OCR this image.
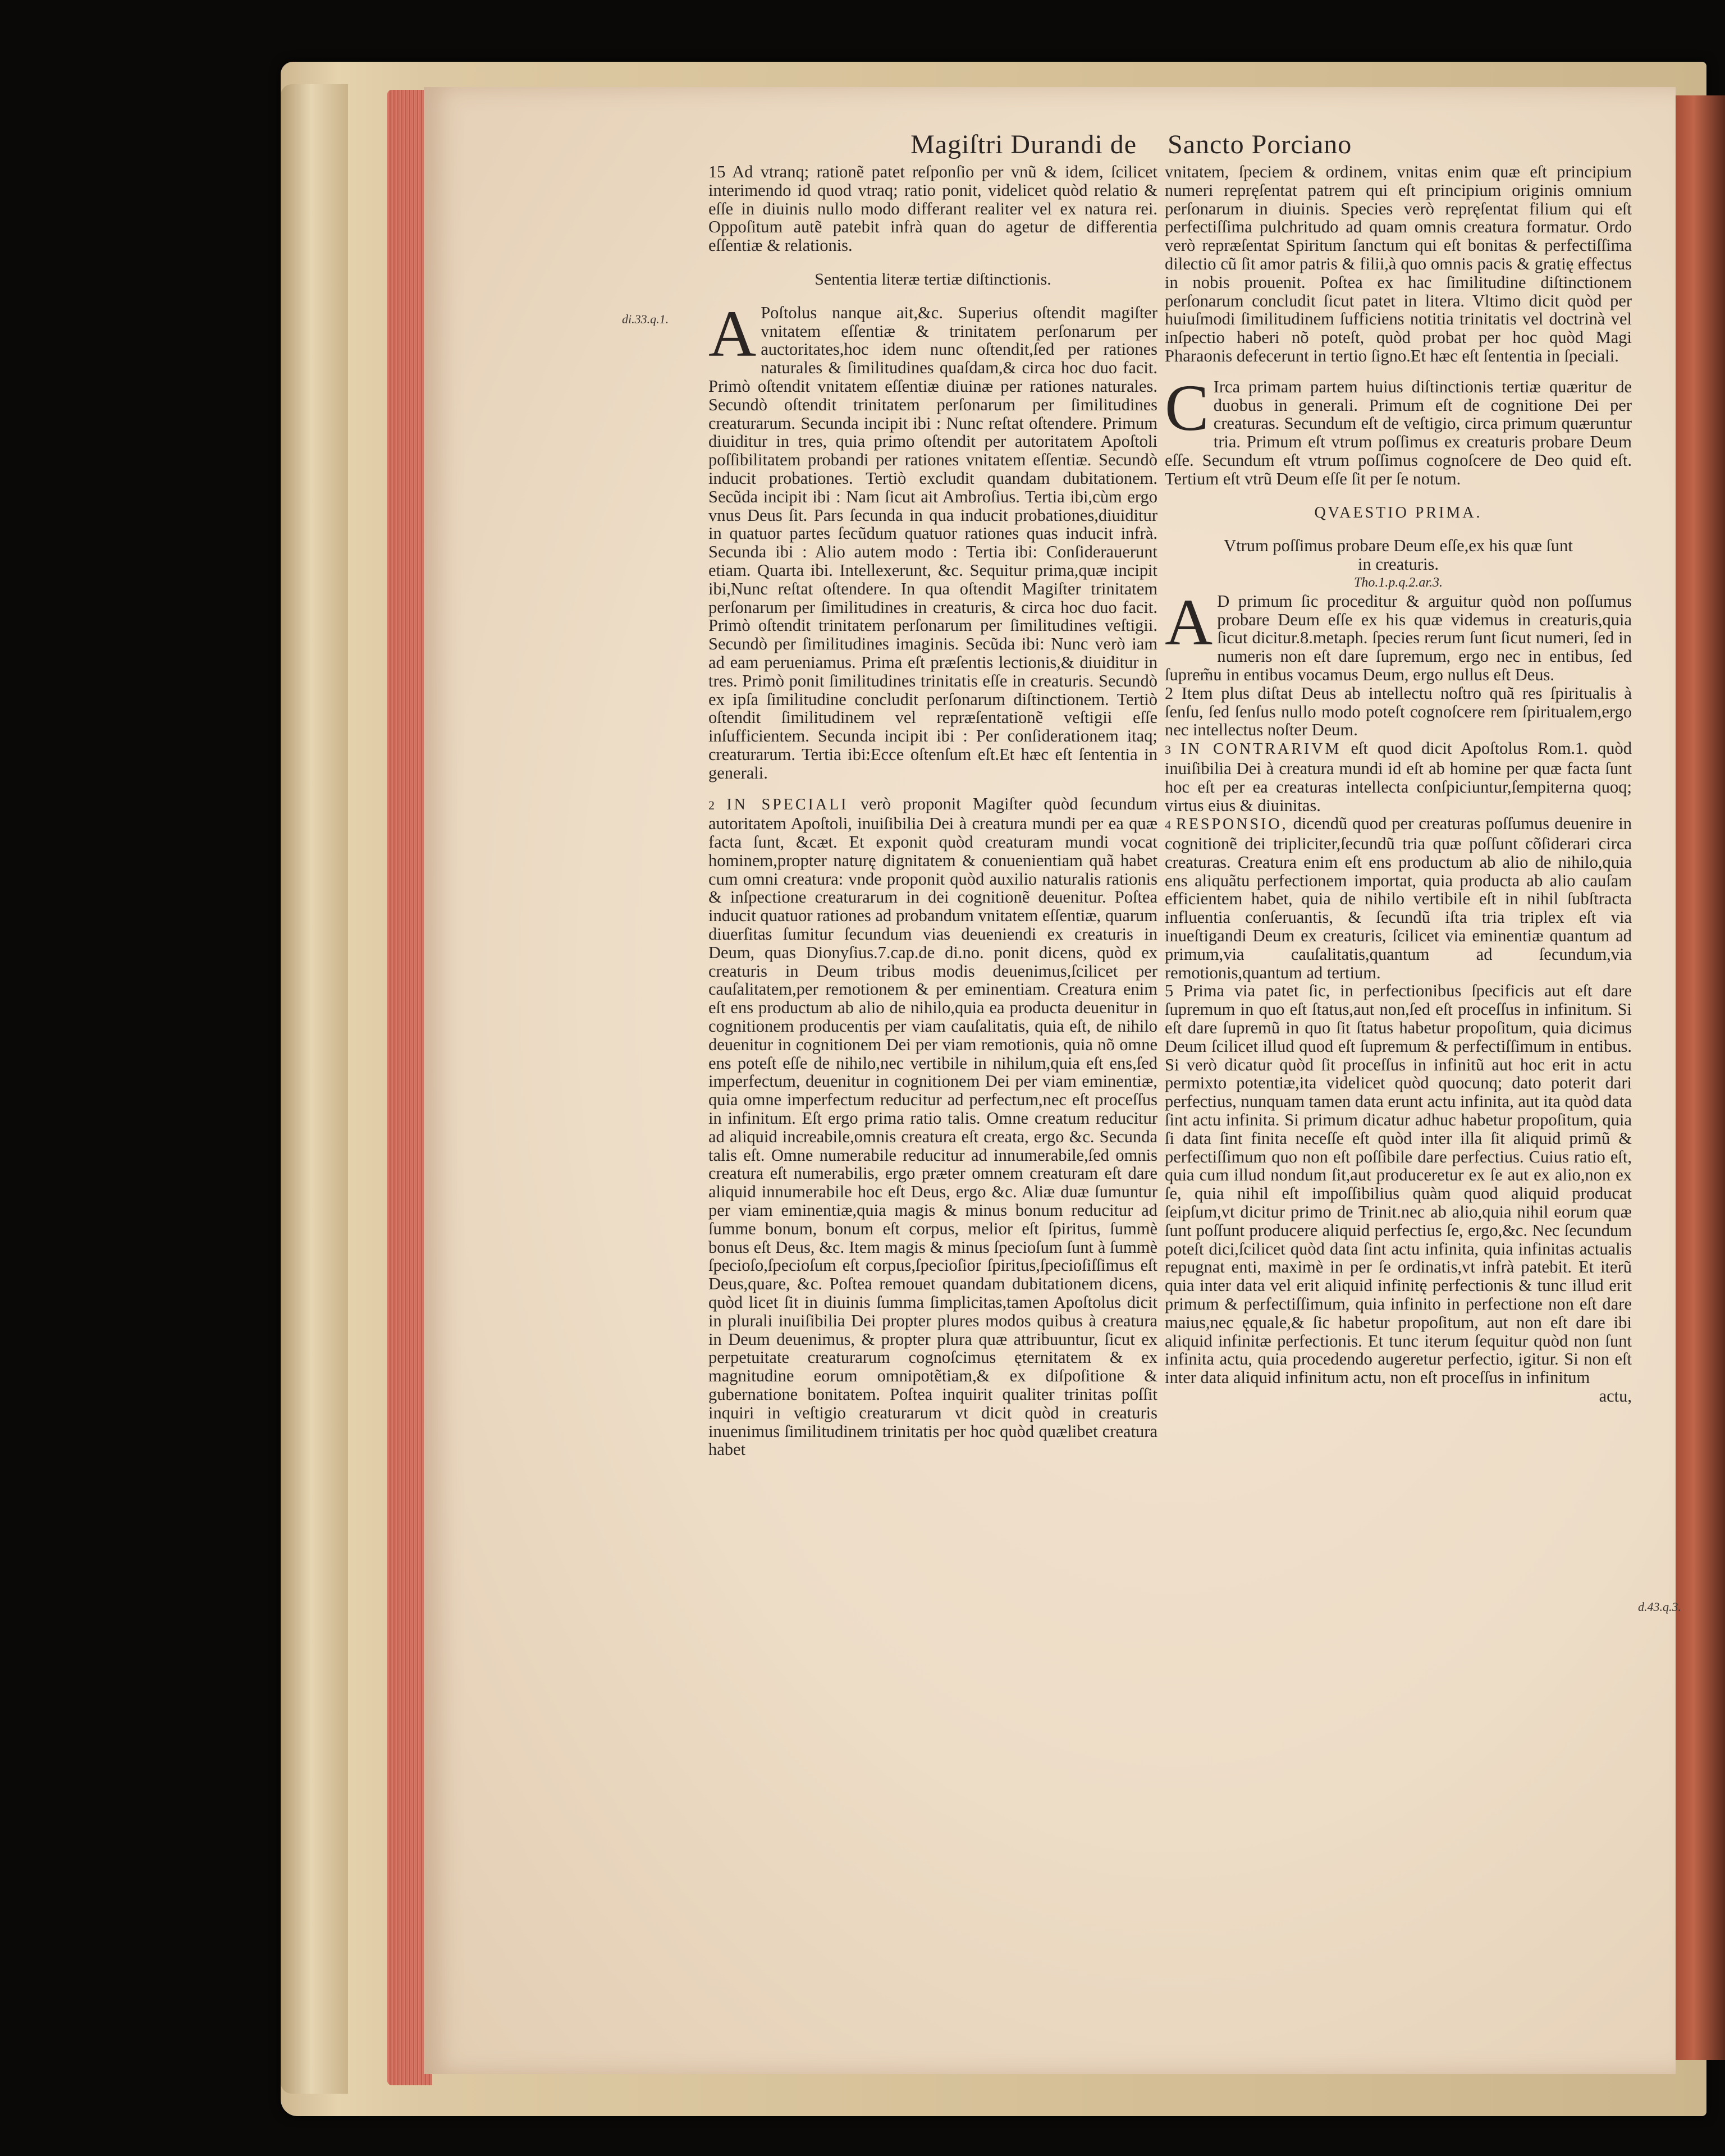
Magiſtri Durandi de Sancto Porciano
di.33.q.1.
d.43.q.3.

15 Ad vtranq; rationẽ patet reſponſio per vnũ & idem, ſcilicet interimendo id quod vtraq; ratio ponit, videlicet quòd relatio & eſſe in diuinis nullo modo differant realiter vel ex natura rei. Oppoſitum autẽ patebit infrà quan do agetur de differentia eſſentiæ & relationis.

Sententia literæ tertiæ diſtinctionis.

A Poſtolus nanque ait,&c. Superius oſtendit magiſter vnitatem eſſentiæ & trinitatem perſonarum per auctoritates,hoc idem nunc oſtendit,ſed per rationes naturales & ſimilitudines quaſdam,& circa hoc duo facit. Primò oſtendit vnitatem eſſentiæ diuinæ per rationes naturales. Secundò oſtendit trinitatem perſonarum per ſimilitudines creaturarum. Secunda incipit ibi : Nunc reſtat oſtendere. Primum diuiditur in tres, quia primo oſtendit per autoritatem Apoſtoli poſſibilitatem probandi per rationes vnitatem eſſentiæ. Secundò inducit probationes. Tertiò excludit quandam dubitationem. Secũda incipit ibi : Nam ſicut ait Ambroſius. Tertia ibi,cùm ergo vnus Deus ſit. Pars ſecunda in qua inducit probationes,diuiditur in quatuor partes ſecũdum quatuor rationes quas inducit infrà. Secunda ibi : Alio autem modo : Tertia ibi: Conſiderauerunt etiam. Quarta ibi. Intellexerunt, &c. Sequitur prima,quæ incipit ibi,Nunc reſtat oſtendere. In qua oſtendit Magiſter trinitatem perſonarum per ſimilitudines in creaturis, & circa hoc duo facit. Primò oſtendit trinitatem perſonarum per ſimilitudines veſtigii. Secundò per ſimilitudines imaginis. Secũda ibi: Nunc verò iam ad eam perueniamus. Prima eſt præſentis lectionis,& diuiditur in tres. Primò ponit ſimilitudines trinitatis eſſe in creaturis. Secundò ex ipſa ſimilitudine concludit perſonarum diſtinctionem. Tertiò oſtendit ſimilitudinem vel repræſentationẽ veſtigii eſſe inſufficientem. Secunda incipit ibi : Per conſiderationem itaq; creaturarum. Tertia ibi:Ecce oſtenſum eſt.Et hæc eſt ſententia in generali.

2 IN SPECIALI verò proponit Magiſter quòd ſecundum autoritatem Apoſtoli, inuiſibilia Dei à creatura mundi per ea quæ facta ſunt, &cæt. Et exponit quòd creaturam mundi vocat hominem,propter naturę dignitatem & conuenientiam quã habet cum omni creatura: vnde proponit quòd auxilio naturalis rationis & inſpectione creaturarum in dei cognitionẽ deuenitur. Poſtea inducit quatuor rationes ad probandum vnitatem eſſentiæ, quarum diuerſitas ſumitur ſecundum vias deueniendi ex creaturis in Deum, quas Dionyſius.7.cap.de di.no. ponit dicens, quòd ex creaturis in Deum tribus modis deuenimus,ſcilicet per cauſalitatem,per remotionem & per eminentiam. Creatura enim eſt ens productum ab alio de nihilo,quia ea producta deuenitur in cognitionem producentis per viam cauſalitatis, quia eſt, de nihilo deuenitur in cognitionem Dei per viam remotionis, quia nõ omne ens poteſt eſſe de nihilo,nec vertibile in nihilum,quia eſt ens,ſed imperfectum, deuenitur in cognitionem Dei per viam eminentiæ, quia omne imperfectum reducitur ad perfectum,nec eſt proceſſus in infinitum. Eſt ergo prima ratio talis. Omne creatum reducitur ad aliquid increabile,omnis creatura eſt creata, ergo &c. Secunda talis eſt. Omne numerabile reducitur ad innumerabile,ſed omnis creatura eſt numerabilis, ergo præter omnem creaturam eſt dare aliquid innumerabile hoc eſt Deus, ergo &c. Aliæ duæ ſumuntur per viam eminentiæ,quia magis & minus bonum reducitur ad ſumme bonum, bonum eſt corpus, melior eſt ſpiritus, ſummè bonus eſt Deus, &c. Item magis & minus ſpecioſum ſunt à ſummè ſpecioſo,ſpecioſum eſt corpus,ſpecioſior ſpiritus,ſpecioſiſſimus eſt Deus,quare, &c. Poſtea remouet quandam dubitationem dicens, quòd licet ſit in diuinis ſumma ſimplicitas,tamen Apoſtolus dicit in plurali inuiſibilia Dei propter plures modos quibus à creatura in Deum deuenimus, & propter plura quæ attribuuntur, ſicut ex perpetuitate creaturarum cognoſcimus ęternitatem & ex magnitudine eorum omnipotẽtiam,& ex diſpoſitione & gubernatione bonitatem. Poſtea inquirit qualiter trinitas poſſit inquiri in veſtigio creaturarum vt dicit quòd in creaturis inuenimus ſimilitudinem trinitatis per hoc quòd quælibet creatura habet

vnitatem, ſpeciem & ordinem, vnitas enim quæ eſt principium numeri repręſentat patrem qui eſt principium originis omnium perſonarum in diuinis. Species verò repręſentat filium qui eſt perfectiſſima pulchritudo ad quam omnis creatura formatur. Ordo verò repræſentat Spiritum ſanctum qui eſt bonitas & perfectiſſima dilectio cũ ſit amor patris & filii,à quo omnis pacis & gratię effectus in nobis prouenit. Poſtea ex hac ſimilitudine diſtinctionem perſonarum concludit ſicut patet in litera. Vltimo dicit quòd per huiuſmodi ſimilitudinem ſufficiens notitia trinitatis vel doctrinà vel inſpectio haberi nõ poteſt, quòd probat per hoc quòd Magi Pharaonis defecerunt in tertio ſigno.Et hæc eſt ſententia in ſpeciali.

C Irca primam partem huius diſtinctionis tertiæ quæritur de duobus in generali. Primum eſt de cognitione Dei per creaturas. Secundum eſt de veſtigio, circa primum quæruntur tria. Primum eſt vtrum poſſimus ex creaturis probare Deum eſſe. Secundum eſt vtrum poſſimus cognoſcere de Deo quid eſt. Tertium eſt vtrũ Deum eſſe ſit per ſe notum.

QVAESTIO PRIMA.

Vtrum poſſimus probare Deum eſſe,ex his quæ ſunt in creaturis.

Tho.1.p.q.2.ar.3.

A D primum ſic proceditur & arguitur quòd non poſſumus probare Deum eſſe ex his quæ videmus in creaturis,quia ſicut dicitur.8.metaph. ſpecies rerum ſunt ſicut numeri, ſed in numeris non eſt dare ſupremum, ergo nec in entibus, ſed ſuprem̃u in entibus vocamus Deum, ergo nullus eſt Deus.

2 Item plus diſtat Deus ab intellectu noſtro quã res ſpiritualis à ſenſu, ſed ſenſus nullo modo poteſt cognoſcere rem ſpiritualem,ergo nec intellectus noſter Deum.

3 IN CONTRARIVM eſt quod dicit Apoſtolus Rom.1. quòd inuiſibilia Dei à creatura mundi id eſt ab homine per quæ facta ſunt hoc eſt per ea creaturas intellecta conſpiciuntur,ſempiterna quoq; virtus eius & diuinitas.

4 RESPONSIO, dicendũ quod per creaturas poſſumus deuenire in cognitionẽ dei tripliciter,ſecundũ tria quæ poſſunt cõſiderari circa creaturas. Creatura enim eſt ens productum ab alio de nihilo,quia ens aliquãtu perfectionem importat, quia producta ab alio cauſam efficientem habet, quia de nihilo vertibile eſt in nihil ſubſtracta influentia conſeruantis, & ſecundũ iſta tria triplex eſt via inueſtigandi Deum ex creaturis, ſcilicet via eminentiæ quantum ad primum,via cauſalitatis,quantum ad ſecundum,via remotionis,quantum ad tertium.

5 Prima via patet ſic, in perfectionibus ſpecificis aut eſt dare ſupremum in quo eſt ſtatus,aut non,ſed eſt proceſſus in infinitum. Si eſt dare ſupremũ in quo ſit ſtatus habetur propoſitum, quia dicimus Deum ſcilicet illud quod eſt ſupremum & perfectiſſimum in entibus. Si verò dicatur quòd ſit proceſſus in infinitũ aut hoc erit in actu permixto potentiæ,ita videlicet quòd quocunq; dato poterit dari perfectius, nunquam tamen data erunt actu infinita, aut ita quòd data ſint actu infinita. Si primum dicatur adhuc habetur propoſitum, quia ſi data ſint finita neceſſe eſt quòd inter illa ſit aliquid primũ & perfectiſſimum quo non eſt poſſibile dare perfectius. Cuius ratio eſt, quia cum illud nondum ſit,aut produceretur ex ſe aut ex alio,non ex ſe, quia nihil eſt impoſſibilius quàm quod aliquid producat ſeipſum,vt dicitur primo de Trinit.nec ab alio,quia nihil eorum quæ ſunt poſſunt producere aliquid perfectius ſe, ergo,&c. Nec ſecundum poteſt dici,ſcilicet quòd data ſint actu infinita, quia infinitas actualis repugnat enti, maximè in per ſe ordinatis,vt infrà patebit. Et iterũ quia inter data vel erit aliquid infinitę perfectionis & tunc illud erit primum & perfectiſſimum, quia infinito in perfectione non eſt dare maius,nec ęquale,& ſic habetur propoſitum, aut non eſt dare ibi aliquid infinitæ perfectionis. Et tunc iterum ſequitur quòd non ſunt infinita actu, quia procedendo augeretur perfectio, igitur. Si non eſt inter data aliquid infinitum actu, non eſt proceſſus in infinitum

actu,
